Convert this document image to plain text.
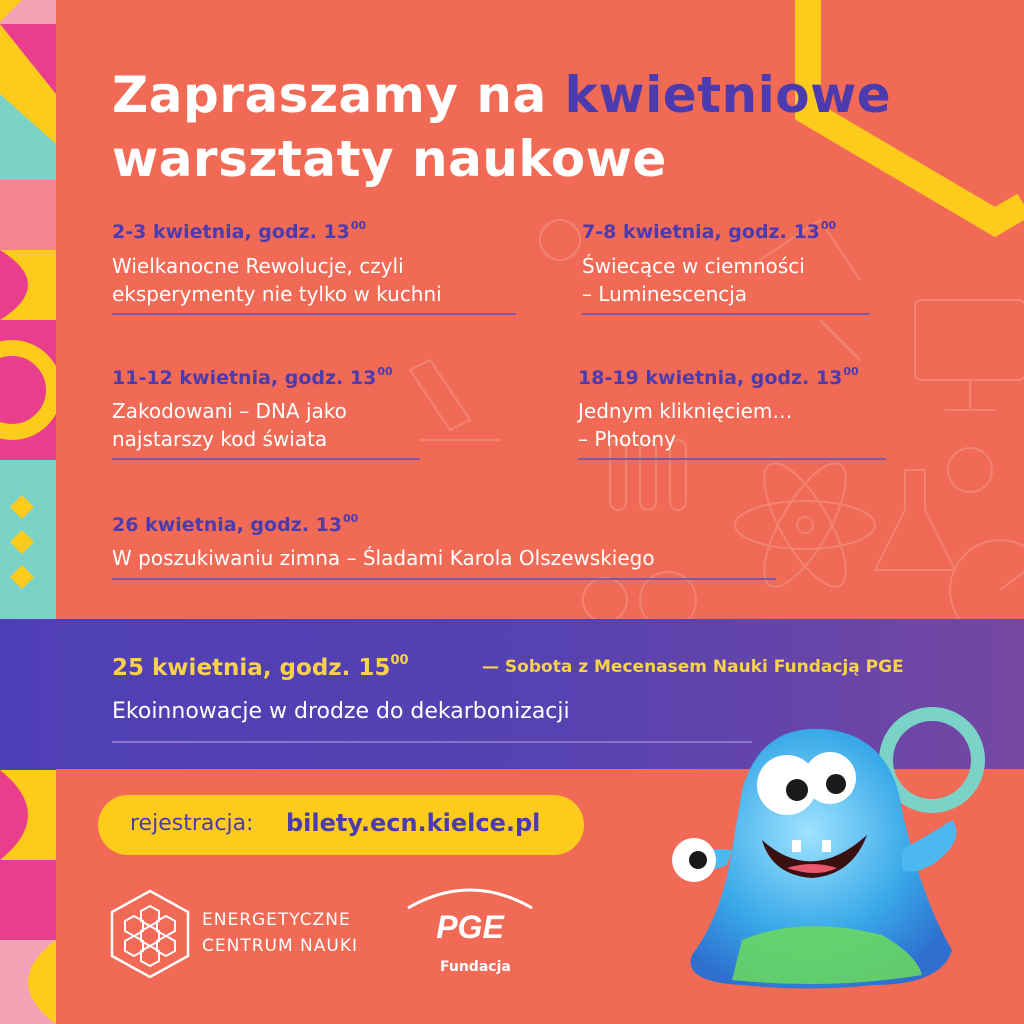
Zapraszamy na kwietniowe
warsztaty naukowe
2-3 kwietnia, godz. $13^{00}$
Wielkanocne Rewolucje, czyli
eksperymenty nie tylko w kuchni
7-8 kwietnia, godz. $13^{00}$
Świecące w ciemności
– Luminescencja
11-12 kwietnia, godz. $13^{00}$
Zakodowani – DNA jako
najstarszy kod świata
18-19 kwietnia, godz. $13^{00}$
Jednym kliknięciem…
– Photony
26 kwietnia, godz. $13^{00}$
W poszukiwaniu zimna – Śladami Karola Olszewskiego
25 kwietnia, godz. $15^{00}$	— Sobota z Mecenasem Nauki Fundacją PGE
Ekoinnowacje w drodze do dekarbonizacji
rejestracja: bilety.ecn.kielce.pl
ENERGETYCZNE
CENTRUM NAUKI
PGE
Fundacja
